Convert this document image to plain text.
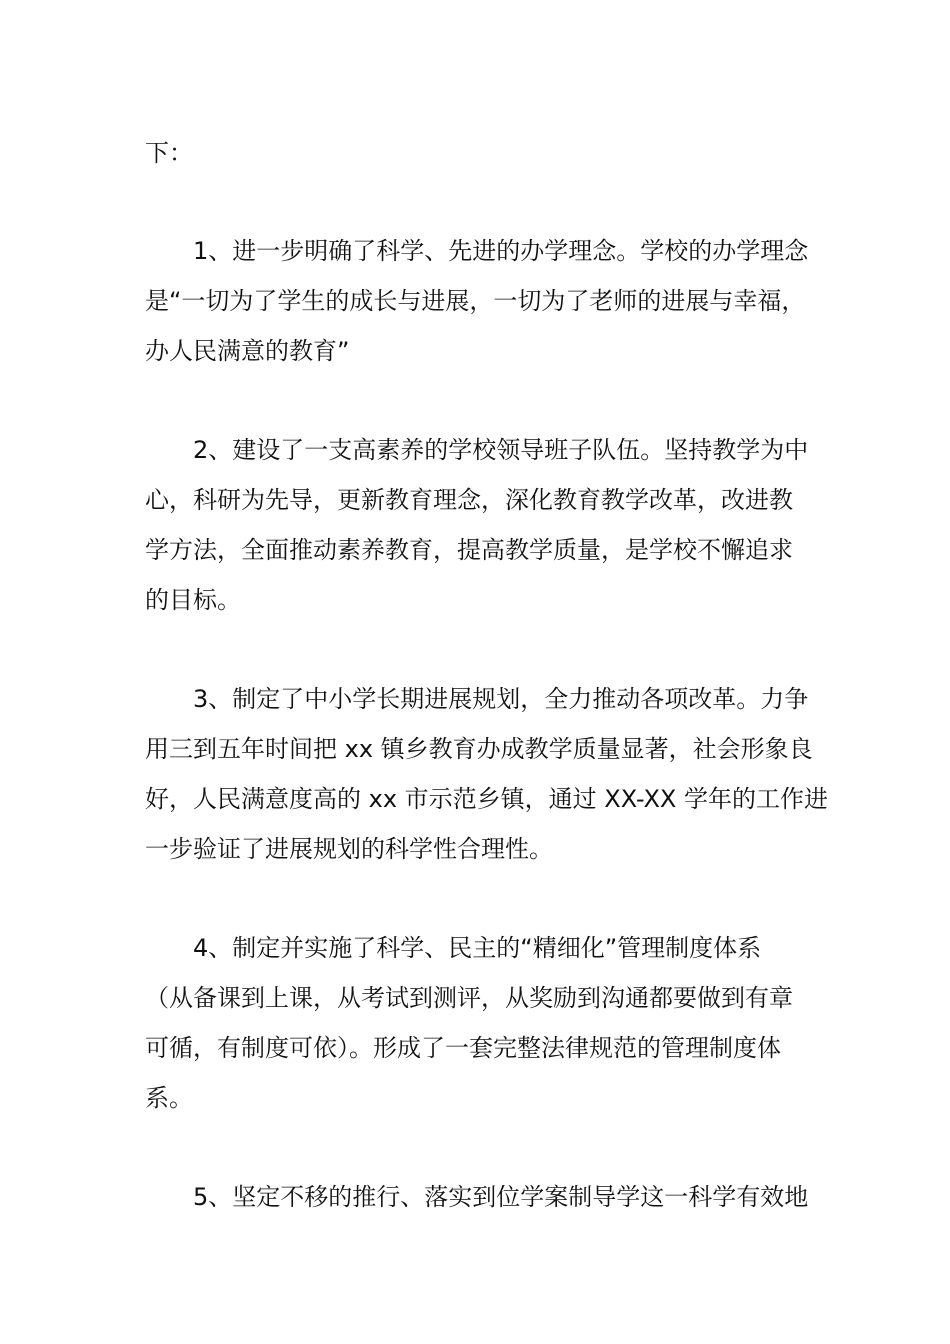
下：
1、进一步明确了科学、先进的办学理念。学校的办学理念
是“一切为了学生的成长与进展，一切为了老师的进展与幸福，
办人民满意的教育”
2、建设了一支高素养的学校领导班子队伍。坚持教学为中
心，科研为先导，更新教育理念，深化教育教学改革，改进教
学方法，全面推动素养教育，提高教学质量，是学校不懈追求
的目标。
3、制定了中小学长期进展规划，全力推动各项改革。力争
用三到五年时间把 xx 镇乡教育办成教学质量显著，社会形象良
好，人民满意度高的 xx 市示范乡镇，通过 XX-XX 学年的工作进
一步验证了进展规划的科学性合理性。
4、制定并实施了科学、民主的“精细化”管理制度体系
（从备课到上课，从考试到测评，从奖励到沟通都要做到有章
可循，有制度可依）。形成了一套完整法律规范的管理制度体
系。
5、坚定不移的推行、落实到位学案制导学这一科学有效地
